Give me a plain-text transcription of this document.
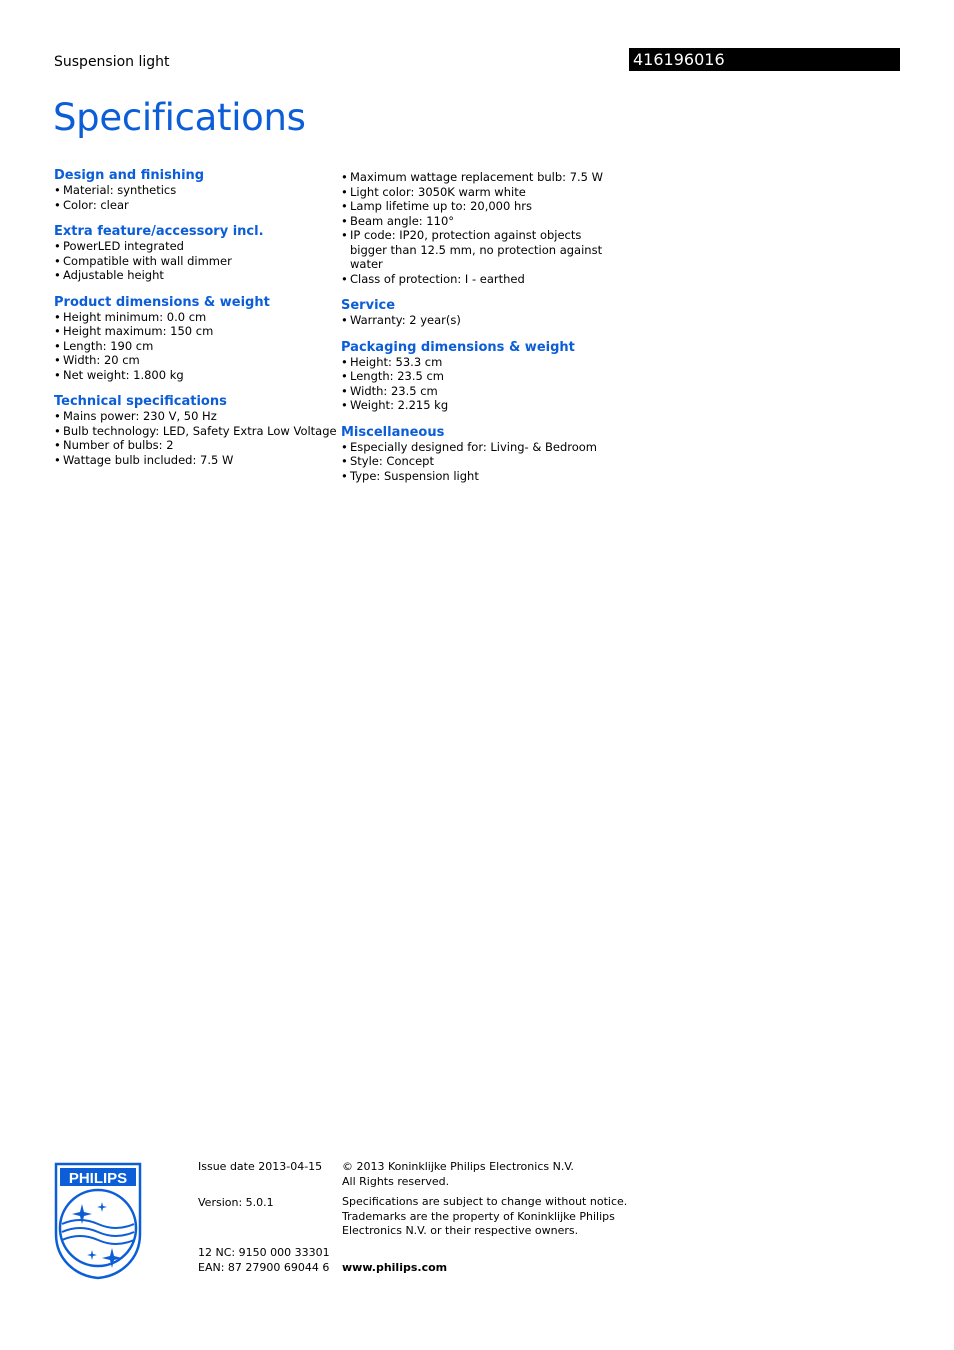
Suspension light	416196016
Specifications
Design and finishing
• Material: synthetics
• Color: clear
Extra feature/accessory incl.
• PowerLED integrated
• Compatible with wall dimmer
• Adjustable height
Product dimensions & weight
• Height minimum: 0.0 cm
• Height maximum: 150 cm
• Length: 190 cm
• Width: 20 cm
• Net weight: 1.800 kg
Technical specifications
• Mains power: 230 V, 50 Hz
• Bulb technology: LED, Safety Extra Low Voltage
• Number of bulbs: 2
• Wattage bulb included: 7.5 W
• Maximum wattage replacement bulb: 7.5 W
• Light color: 3050K warm white
• Lamp lifetime up to: 20,000 hrs
• Beam angle: 110°
• IP code: IP20, protection against objects bigger than 12.5 mm, no protection against water
• Class of protection: I - earthed
Service
• Warranty: 2 year(s)
Packaging dimensions & weight
• Height: 53.3 cm
• Length: 23.5 cm
• Width: 23.5 cm
• Weight: 2.215 kg
Miscellaneous
• Especially designed for: Living- & Bedroom
• Style: Concept
• Type: Suspension light
PHILIPS
Issue date 2013-04-15
Version: 5.0.1
12 NC: 9150 000 33301
EAN: 87 27900 69044 6
© 2013 Koninklijke Philips Electronics N.V.
All Rights reserved.
Specifications are subject to change without notice.
Trademarks are the property of Koninklijke Philips
Electronics N.V. or their respective owners.
www.philips.com
